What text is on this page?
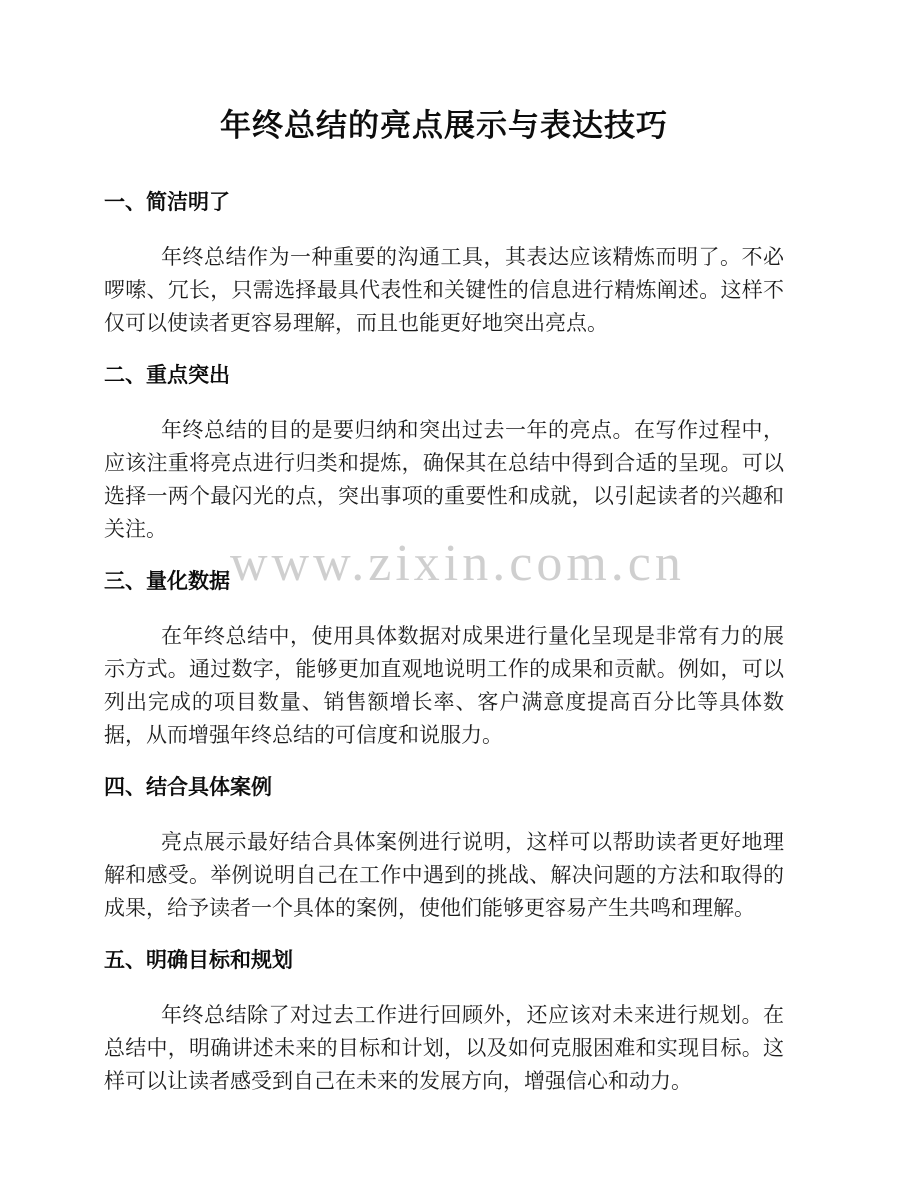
www.zixin.com.cn
年终总结的亮点展示与表达技巧
一、简洁明了

年终总结作为一种重要的沟通工具，其表达应该精炼而明了。不必啰嗦、冗长，只需选择最具代表性和关键性的信息进行精炼阐述。这样不仅可以使读者更容易理解，而且也能更好地突出亮点。

二、重点突出

年终总结的目的是要归纳和突出过去一年的亮点。在写作过程中，应该注重将亮点进行归类和提炼，确保其在总结中得到合适的呈现。可以选择一两个最闪光的点，突出事项的重要性和成就，以引起读者的兴趣和关注。

三、量化数据

在年终总结中，使用具体数据对成果进行量化呈现是非常有力的展示方式。通过数字，能够更加直观地说明工作的成果和贡献。例如，可以列出完成的项目数量、销售额增长率、客户满意度提高百分比等具体数据，从而增强年终总结的可信度和说服力。

四、结合具体案例

亮点展示最好结合具体案例进行说明，这样可以帮助读者更好地理解和感受。举例说明自己在工作中遇到的挑战、解决问题的方法和取得的成果，给予读者一个具体的案例，使他们能够更容易产生共鸣和理解。

五、明确目标和规划

年终总结除了对过去工作进行回顾外，还应该对未来进行规划。在总结中，明确讲述未来的目标和计划，以及如何克服困难和实现目标。这样可以让读者感受到自己在未来的发展方向，增强信心和动力。
